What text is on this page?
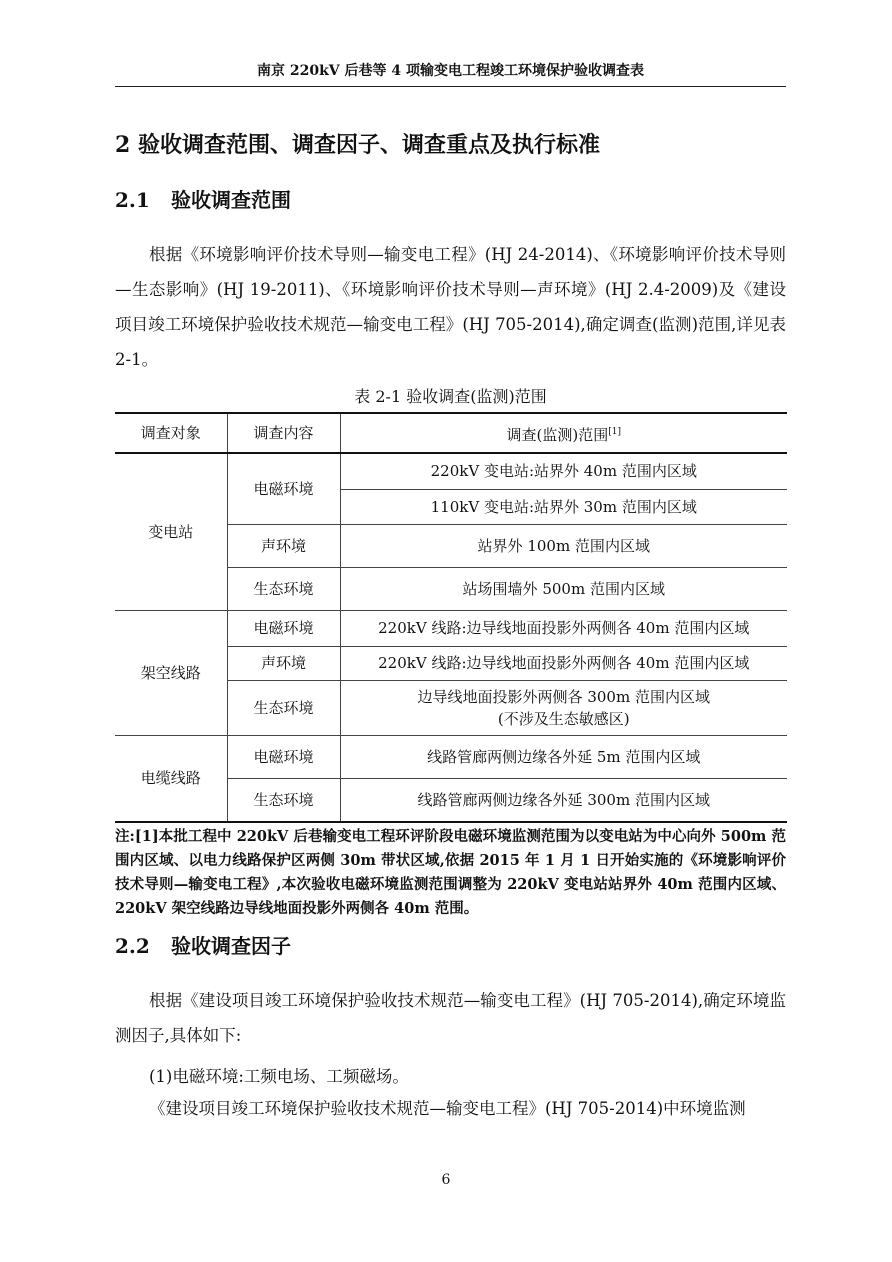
南京 220kV 后巷等 4 项输变电工程竣工环境保护验收调查表
2 验收调查范围、调查因子、调查重点及执行标准
2.1 验收调查范围
根据《环境影响评价技术导则—输变电工程》(HJ 24-2014)、《环境影响评价技术导则—生态影响》(HJ 19-2011)、《环境影响评价技术导则—声环境》(HJ 2.4-2009)及《建设项目竣工环境保护验收技术规范—输变电工程》(HJ 705-2014),确定调查(监测)范围,详见表 2-1。
表 2-1 验收调查(监测)范围
调查对象	调查内容	调查(监测)范围[1]
变电站	电磁环境	220kV 变电站:站界外 40m 范围内区域
		110kV 变电站:站界外 30m 范围内区域
	声环境	站界外 100m 范围内区域
	生态环境	站场围墙外 500m 范围内区域
架空线路	电磁环境	220kV 线路:边导线地面投影外两侧各 40m 范围内区域
	声环境	220kV 线路:边导线地面投影外两侧各 40m 范围内区域
	生态环境	边导线地面投影外两侧各 300m 范围内区域
(不涉及生态敏感区)

电缆线路	电磁环境	线路管廊两侧边缘各外延 5m 范围内区域
	生态环境	线路管廊两侧边缘各外延 300m 范围内区域
注:[1]本批工程中 220kV 后巷输变电工程环评阶段电磁环境监测范围为以变电站为中心向外 500m 范围内区域、以电力线路保护区两侧 30m 带状区域,依据 2015 年 1 月 1 日开始实施的《环境影响评价技术导则—输变电工程》,本次验收电磁环境监测范围调整为 220kV 变电站站界外 40m 范围内区域、220kV 架空线路边导线地面投影外两侧各 40m 范围。
2.2 验收调查因子
根据《建设项目竣工环境保护验收技术规范—输变电工程》(HJ 705-2014),确定环境监测因子,具体如下:
(1)电磁环境:工频电场、工频磁场。
《建设项目竣工环境保护验收技术规范—输变电工程》(HJ 705-2014)中环境监测
6
